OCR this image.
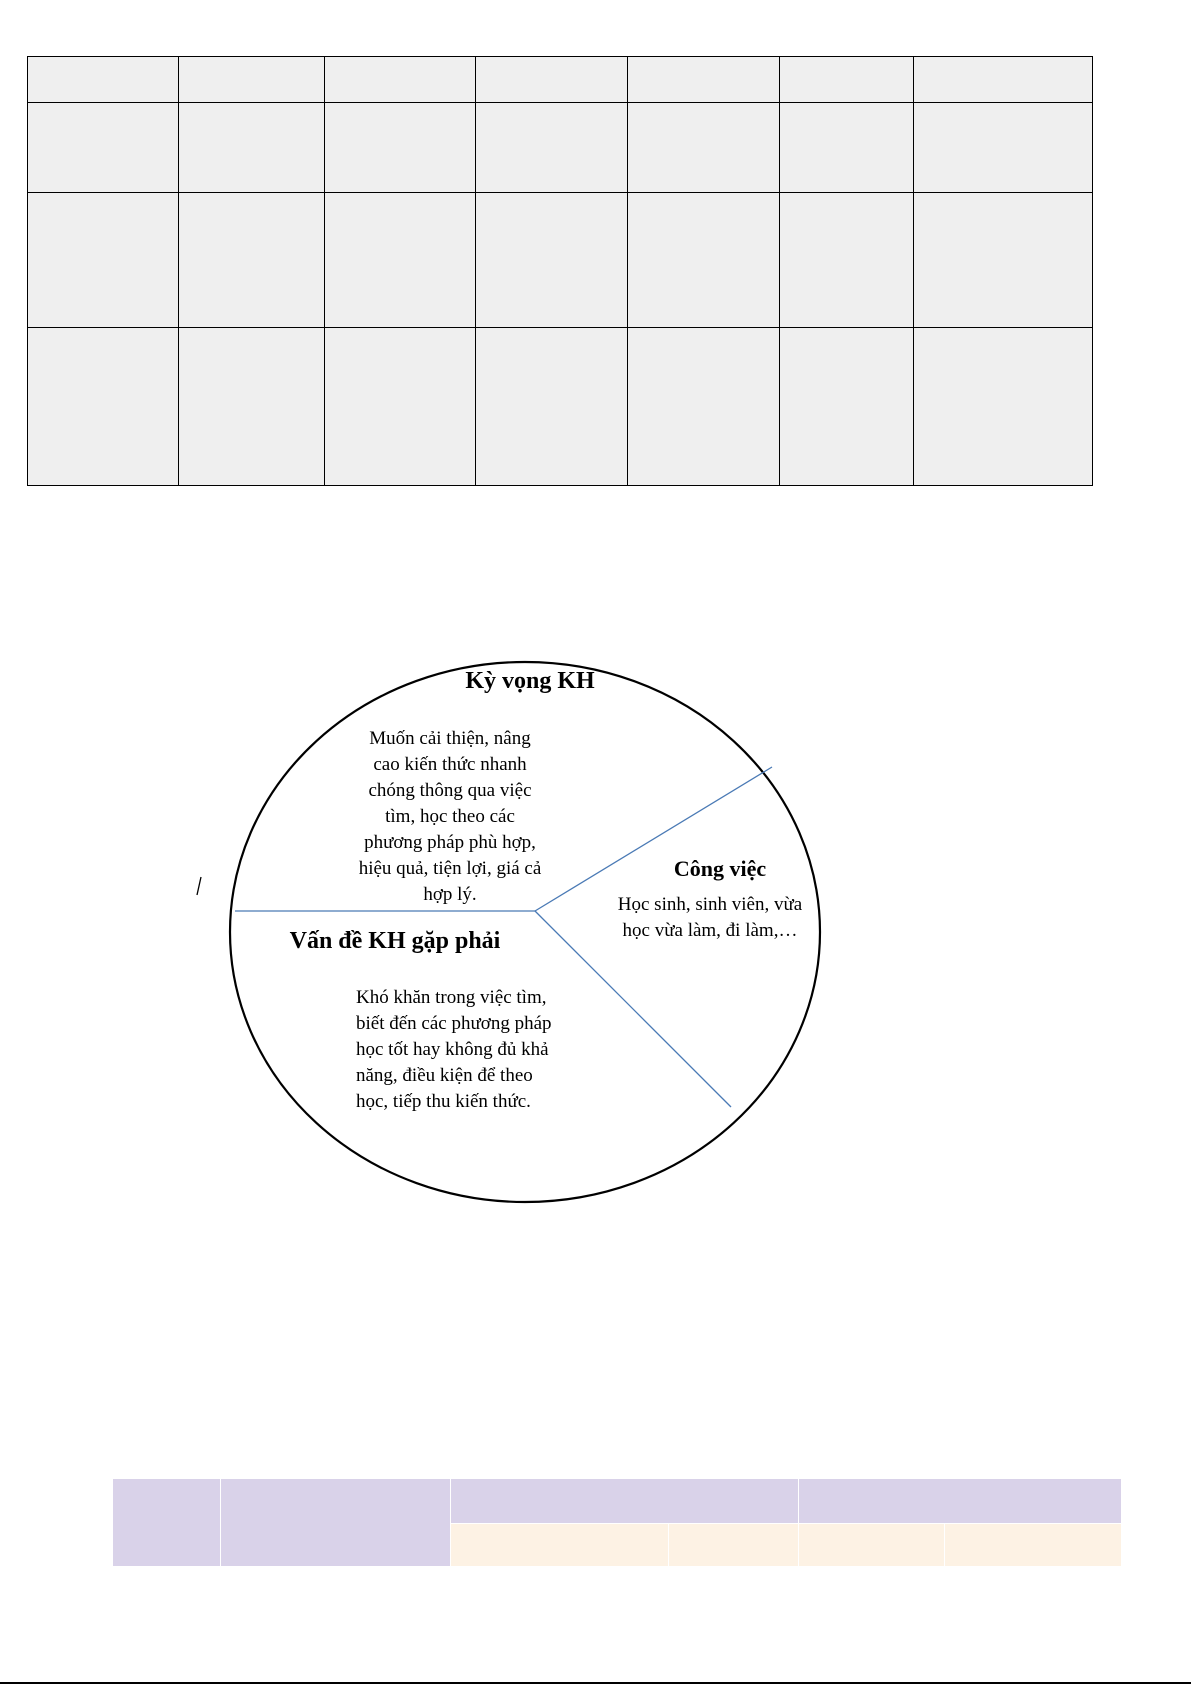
Kỳ vọng KH
Muốn cải thiện, nâng
cao kiến thức nhanh
chóng thông qua việc
tìm, học theo các
phương pháp phù hợp,
hiệu quả, tiện lợi, giá cả
hợp lý.
Công việc
Học sinh, sinh viên, vừa
học vừa làm, đi làm,…
Vấn đề KH gặp phải
Khó khăn trong việc tìm,
biết đến các phương pháp
học tốt hay không đủ khả
năng, điều kiện để theo
học, tiếp thu kiến thức.
